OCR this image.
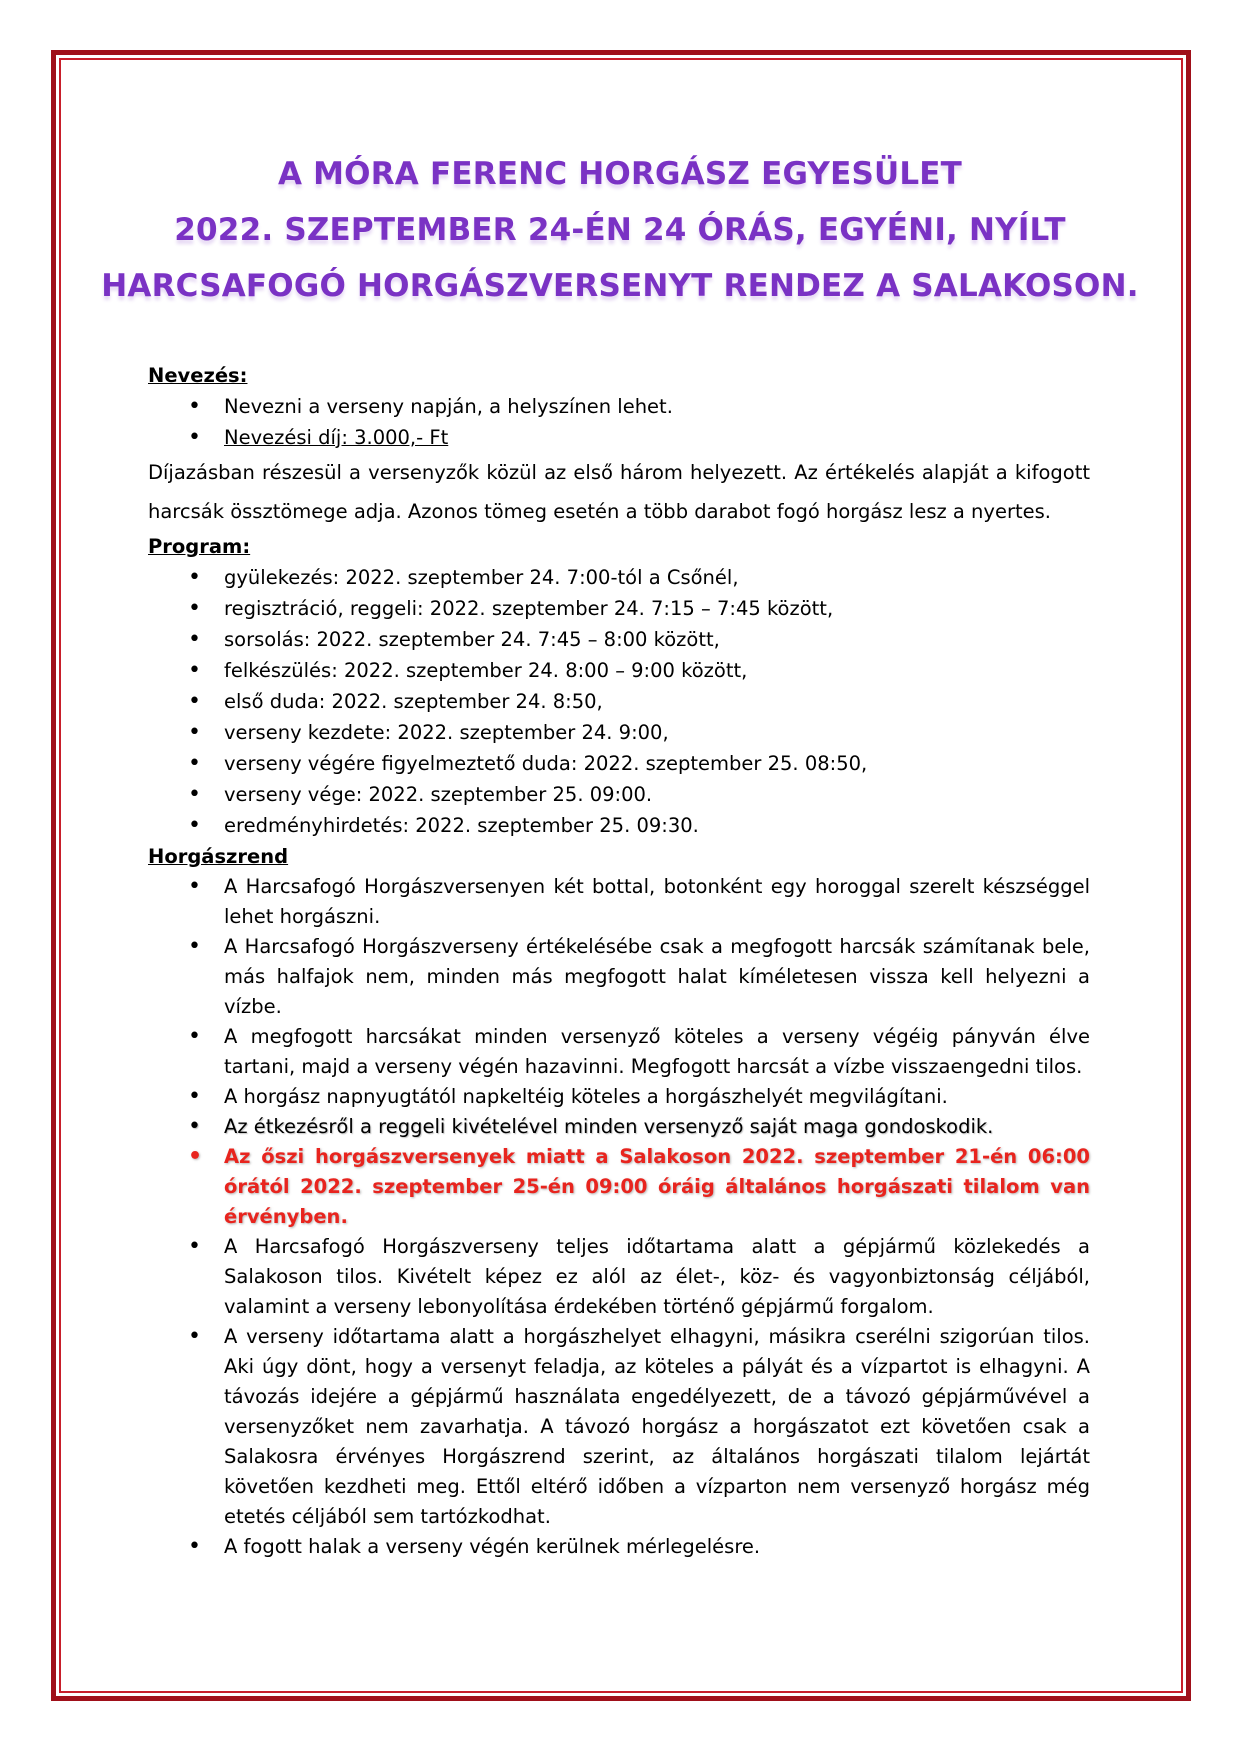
A MÓRA FERENC HORGÁSZ EGYESÜLET
2022. SZEPTEMBER 24-ÉN 24 ÓRÁS, EGYÉNI, NYÍLT
HARCSAFOGÓ HORGÁSZVERSENYT RENDEZ A SALAKOSON.
Nevezés:
• Nevezni a verseny napján, a helyszínen lehet.
• Nevezési díj: 3.000,- Ft

Díjazásban részesül a versenyzők közül az első három helyezett. Az értékelés alapját a kifogott harcsák össztömege adja. Azonos tömeg esetén a több darabot fogó horgász lesz a nyertes.

Program:
• gyülekezés: 2022. szeptember 24. 7:00-tól a Csőnél,
• regisztráció, reggeli: 2022. szeptember 24. 7:15 – 7:45 között,
• sorsolás: 2022. szeptember 24. 7:45 – 8:00 között,
• felkészülés: 2022. szeptember 24. 8:00 – 9:00 között,
• első duda: 2022. szeptember 24. 8:50,
• verseny kezdete: 2022. szeptember 24. 9:00,
• verseny végére figyelmeztető duda: 2022. szeptember 25. 08:50,
• verseny vége: 2022. szeptember 25. 09:00.
• eredményhirdetés: 2022. szeptember 25. 09:30.
Horgászrend
• A Harcsafogó Horgászversenyen két bottal, botonként egy horoggal szerelt készséggel lehet horgászni.
• A Harcsafogó Horgászverseny értékelésébe csak a megfogott harcsák számítanak bele, más halfajok nem, minden más megfogott halat kíméletesen vissza kell helyezni a vízbe.
• A megfogott harcsákat minden versenyző köteles a verseny végéig pányván élve tartani, majd a verseny végén hazavinni. Megfogott harcsát a vízbe visszaengedni tilos.
• A horgász napnyugtától napkeltéig köteles a horgászhelyét megvilágítani.
• Az étkezésről a reggeli kivételével minden versenyző saját maga gondoskodik.
• Az őszi horgászversenyek miatt a Salakoson 2022. szeptember 21-én 06:00 órától 2022. szeptember 25-én 09:00 óráig általános horgászati tilalom van érvényben.
• A Harcsafogó Horgászverseny teljes időtartama alatt a gépjármű közlekedés a Salakoson tilos. Kivételt képez ez alól az élet-, köz- és vagyonbiztonság céljából, valamint a verseny lebonyolítása érdekében történő gépjármű forgalom.
• A verseny időtartama alatt a horgászhelyet elhagyni, másikra cserélni szigorúan tilos. Aki úgy dönt, hogy a versenyt feladja, az köteles a pályát és a vízpartot is elhagyni. A távozás idejére a gépjármű használata engedélyezett, de a távozó gépjárművével a versenyzőket nem zavarhatja. A távozó horgász a horgászatot ezt követően csak a Salakosra érvényes Horgászrend szerint, az általános horgászati tilalom lejártát követően kezdheti meg. Ettől eltérő időben a vízparton nem versenyző horgász még etetés céljából sem tartózkodhat.
• A fogott halak a verseny végén kerülnek mérlegelésre.
